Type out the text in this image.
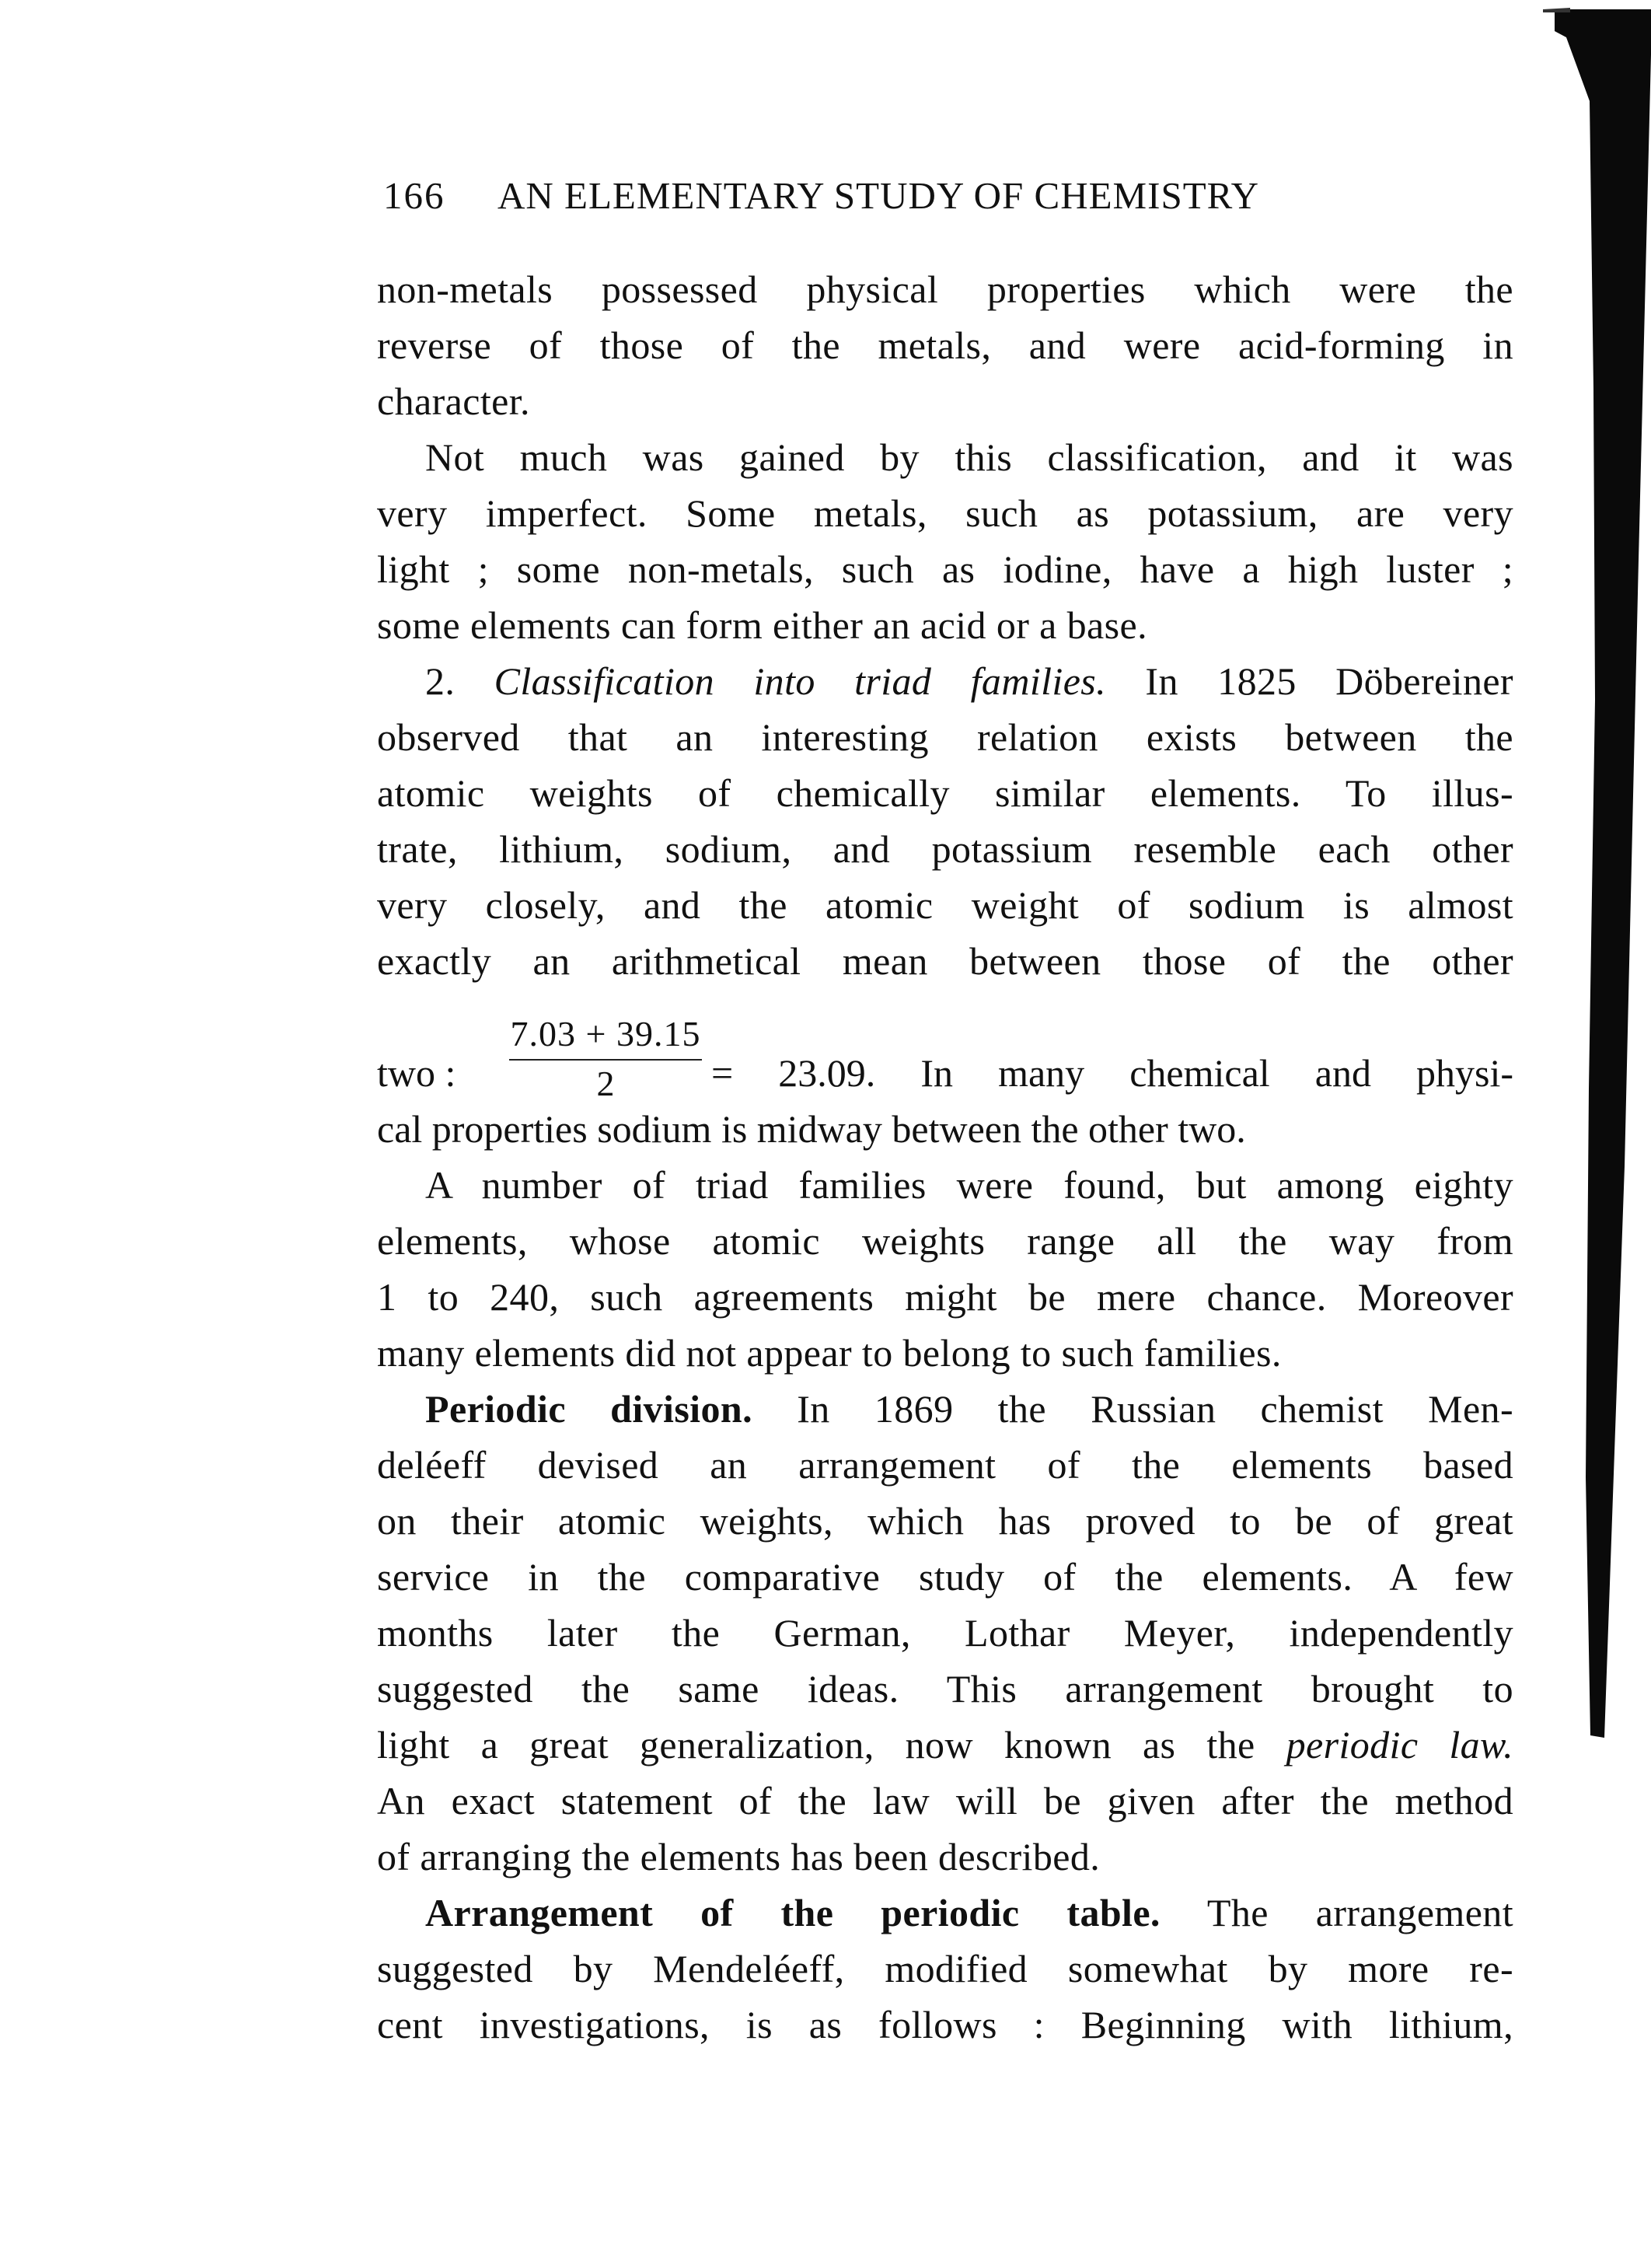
166 AN ELEMENTARY STUDY OF CHEMISTRY
non-metals possessed physical properties which were the
reverse of those of the metals, and were acid-forming in
character.
Not much was gained by this classification, and it was
very imperfect. Some metals, such as potassium, are very
light ; some non-metals, such as iodine, have a high luster ;
some elements can form either an acid or a base.
2. Classification into triad families. In 1825 Döbereiner
observed that an interesting relation exists between the
atomic weights of chemically similar elements. To illus-
trate, lithium, sodium, and potassium resemble each other
very closely, and the atomic weight of sodium is almost
exactly an arithmetical mean between those of the other
two :
7.03 + 39.15
2	= 23.09. In many chemical and physi-
cal properties sodium is midway between the other two.
A number of triad families were found, but among eighty
elements, whose atomic weights range all the way from
1 to 240, such agreements might be mere chance. Moreover
many elements did not appear to belong to such families.
Periodic division. In 1869 the Russian chemist Men-
deléeff devised an arrangement of the elements based
on their atomic weights, which has proved to be of great
service in the comparative study of the elements. A few
months later the German, Lothar Meyer, independently
suggested the same ideas. This arrangement brought to
light a great generalization, now known as the periodic law.
An exact statement of the law will be given after the method
of arranging the elements has been described.
Arrangement of the periodic table. The arrangement
suggested by Mendeléeff, modified somewhat by more re-
cent investigations, is as follows : Beginning with lithium,
